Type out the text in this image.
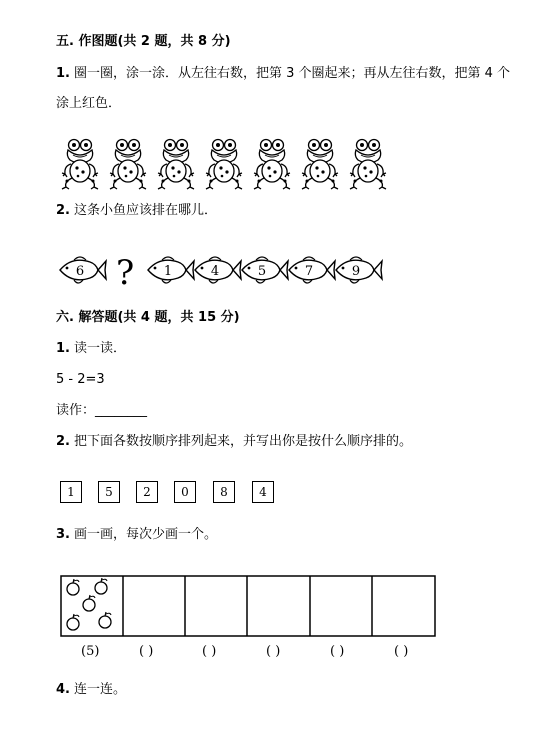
五. 作图题(共 2 题，共 8 分)
1. 圈一圈，涂一涂．从左往右数，把第 3 个圈起来；再从左往右数，把第 4 个
涂上红色．
2. 这条小鱼应该排在哪儿．
6 ? 1	4	5	7	9
六. 解答题(共 4 题，共 15 分)
1. 读一读．
5 - 2=3
读作：________
2. 把下面各数按顺序排列起来，并写出你是按什么顺序排的。
1	5	2	0	8	4
3. 画一画，每次少画一个。
(5)	( )	( )	( )	( )	( )
4. 连一连。
